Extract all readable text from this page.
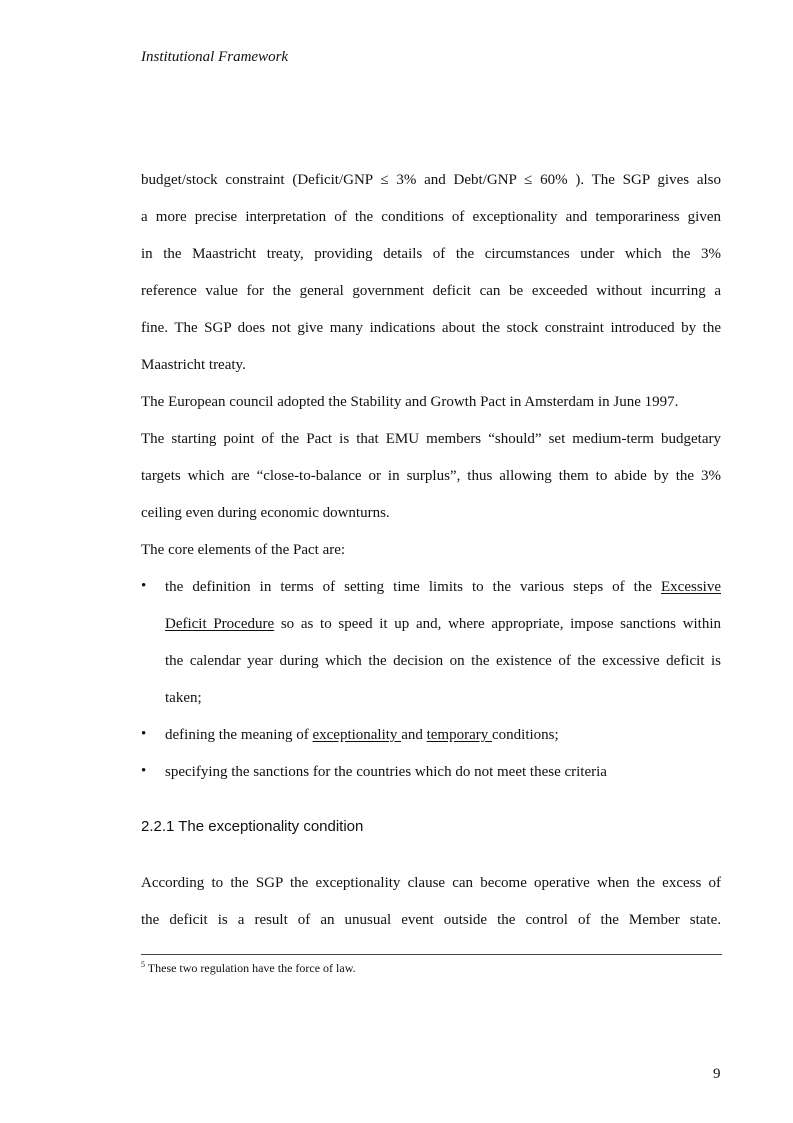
Institutional Framework
budget/stock constraint (Deficit/GNP ≤ 3% and Debt/GNP ≤ 60% ). The SGP gives also
a more precise interpretation of the conditions of exceptionality and temporariness given
in the Maastricht treaty, providing details of the circumstances under which the 3%
reference value for the general government deficit can be exceeded without incurring a
fine. The SGP does not give many indications about the stock constraint introduced by the
Maastricht treaty.
The European council adopted the Stability and Growth Pact in Amsterdam in June 1997.
The starting point of the Pact is that EMU members “should” set medium-term budgetary
targets which are “close-to-balance or in surplus”, thus allowing them to abide by the 3%
ceiling even during economic downturns.
The core elements of the Pact are:
•	the definition in terms of setting time limits to the various steps of the Excessive
Deficit Procedure so as to speed it up and, where appropriate, impose sanctions within
the calendar year during which the decision on the existence of the excessive deficit is
taken;
•	defining the meaning of exceptionality and temporary conditions;
•	specifying the sanctions for the countries which do not meet these criteria
2.2.1 The exceptionality condition
According to the SGP the exceptionality clause can become operative when the excess of
the deficit is a result of an unusual event outside the control of the Member state.
$^5$ These two regulation have the force of law.
9
